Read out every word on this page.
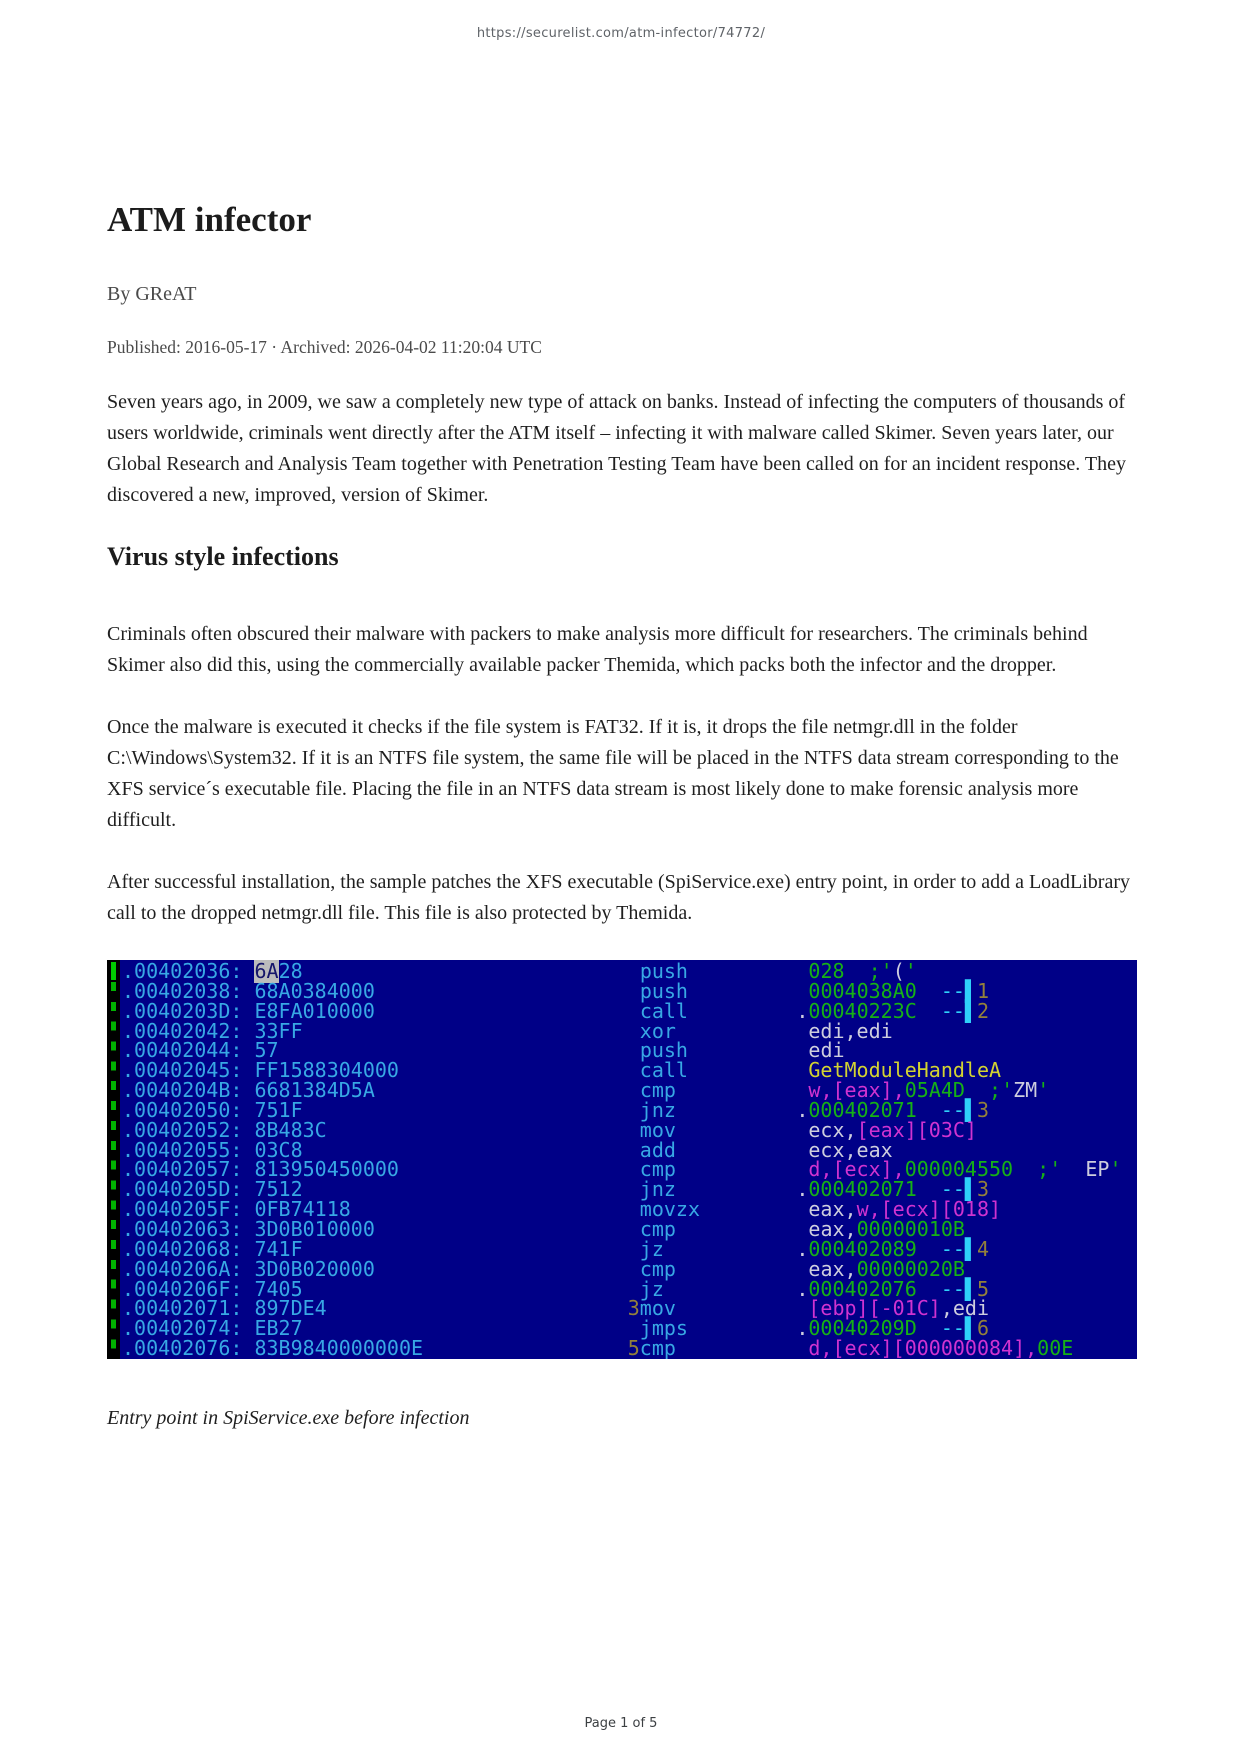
https://securelist.com/atm-infector/74772/
ATM infector
By GReAT
Published: 2016-05-17 · Archived: 2026-04-02 11:20:04 UTC

Seven years ago, in 2009, we saw a completely new type of attack on banks. Instead of infecting the computers of thousands of users worldwide, criminals went directly after the ATM itself – infecting it with malware called Skimer. Seven years later, our Global Research and Analysis Team together with Penetration Testing Team have been called on for an incident response. They discovered a new, improved, version of Skimer.

Virus style infections

Criminals often obscured their malware with packers to make analysis more difficult for researchers. The criminals behind Skimer also did this, using the commercially available packer Themida, which packs both the infector and the dropper.

Once the malware is executed it checks if the file system is FAT32. If it is, it drops the file netmgr.dll in the folder C:\Windows\System32. If it is an NTFS file system, the same file will be placed in the NTFS data stream corresponding to the XFS service´s executable file. Placing the file in an NTFS data stream is most likely done to make forensic analysis more difficult.

After successful installation, the sample patches the XFS executable (SpiService.exe) entry point, in order to add a LoadLibrary call to the dropped netmgr.dll file. This file is also protected by Themida.

.00402036: 6A28	push	028  ;'('
.00402038: 68A0384000	push	0004038A0  --▌1
.0040203D: E8FA010000	call	.00040223C  --▌2
.00402042: 33FF	xor	edi,edi
.00402044: 57	push	edi
.00402045: FF1588304000	call	GetModuleHandleA
.0040204B: 6681384D5A	cmp	w,[eax],05A4D  ;'ZM'
.00402050: 751F	jnz	.000402071  --▌3
.00402052: 8B483C	mov	ecx,[eax][03C]
.00402055: 03C8	add	ecx,eax
.00402057: 813950450000	cmp	d,[ecx],000004550  ;'  EP'
.0040205D: 7512	jnz	.000402071  --▌3
.0040205F: 0FB74118	movzx	eax,w,[ecx][018]
.00402063: 3D0B010000	cmp	eax,00000010B
.00402068: 741F	jz	.000402089  --▌4
.0040206A: 3D0B020000	cmp	eax,00000020B
.0040206F: 7405	jz	.000402076  --▌5
.00402071: 897DE4	3mov	[ebp][-01C],edi
.00402074: EB27	jmps	.00040209D  --▌6
.00402076: 83B9840000000E	5cmp	d,[ecx][000000084],00E

Entry point in SpiService.exe before infection

Page 1 of 5
